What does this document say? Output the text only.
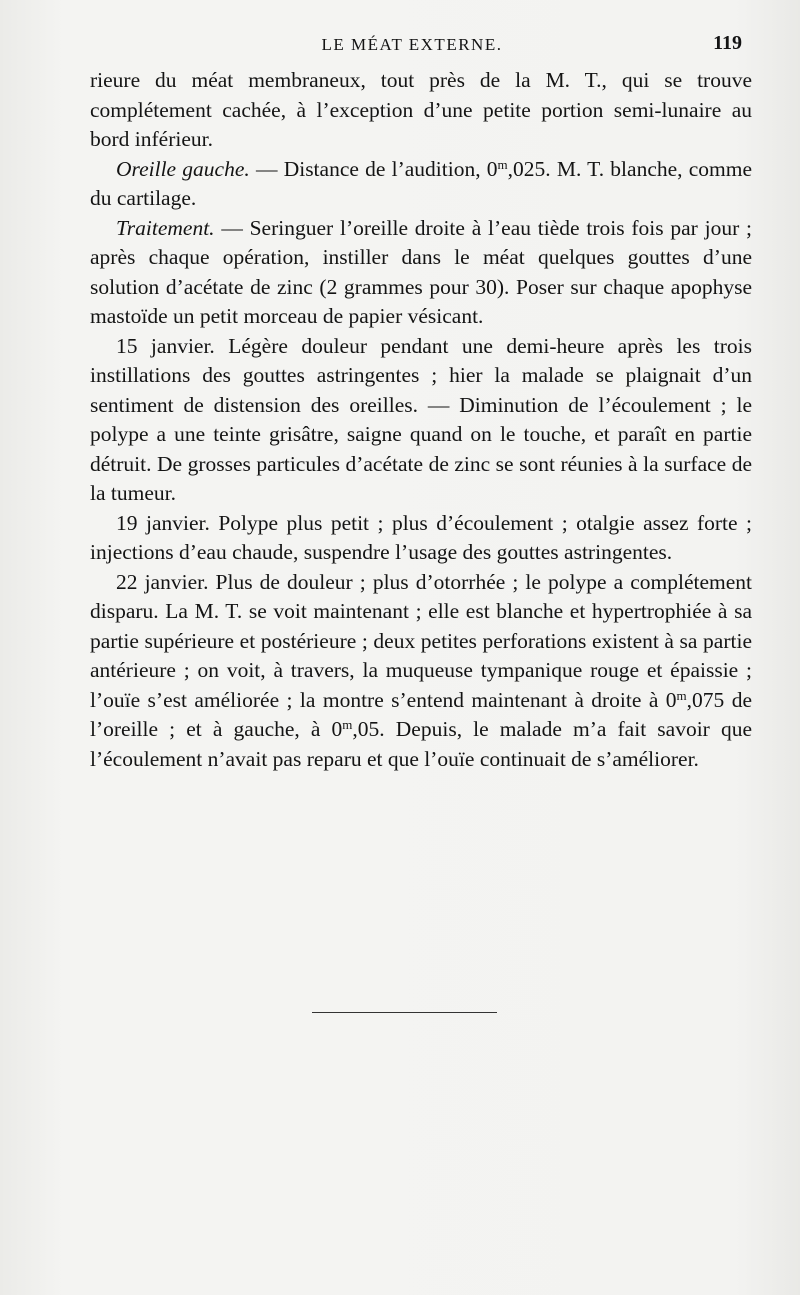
LE MÉAT EXTERNE.	119

rieure du méat membraneux, tout près de la M. T., qui se trouve complétement cachée, à l’exception d’une petite portion semi-lunaire au bord inférieur.

Oreille gauche. — Distance de l’audition, 0$^m$,025. M. T. blanche, comme du cartilage.

Traitement. — Seringuer l’oreille droite à l’eau tiède trois fois par jour ; après chaque opération, instiller dans le méat quelques gouttes d’une solution d’acétate de zinc (2 grammes pour 30). Poser sur chaque apophyse mastoïde un petit morceau de papier vésicant.

15 janvier. Légère douleur pendant une demi-heure après les trois instillations des gouttes astringentes ; hier la malade se plaignait d’un sentiment de distension des oreilles. — Diminution de l’écoulement ; le polype a une teinte grisâtre, saigne quand on le touche, et paraît en partie détruit. De grosses particules d’acétate de zinc se sont réunies à la surface de la tumeur.

19 janvier. Polype plus petit ; plus d’écoulement ; otalgie assez forte ; injections d’eau chaude, suspendre l’usage des gouttes astringentes.

22 janvier. Plus de douleur ; plus d’otorrhée ; le polype a complétement disparu. La M. T. se voit maintenant ; elle est blanche et hypertrophiée à sa partie supérieure et postérieure ; deux petites perforations existent à sa partie antérieure ; on voit, à travers, la muqueuse tympanique rouge et épaissie ; l’ouïe s’est améliorée ; la montre s’entend maintenant à droite à 0$^m$,075 de l’oreille ; et à gauche, à 0$^m$,05. Depuis, le malade m’a fait savoir que l’écoulement n’avait pas reparu et que l’ouïe continuait de s’améliorer.
